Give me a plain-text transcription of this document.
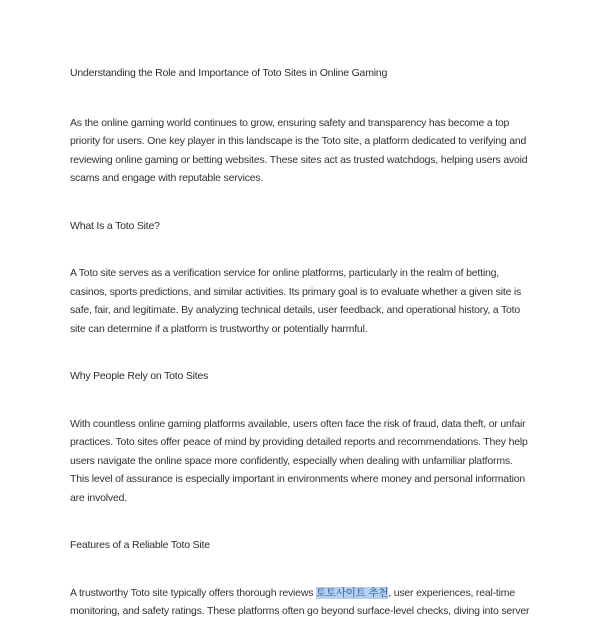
Understanding the Role and Importance of Toto Sites in Online Gaming

As the online gaming world continues to grow, ensuring safety and transparency has become a top priority for users. One key player in this landscape is the Toto site, a platform dedicated to verifying and reviewing online gaming or betting websites. These sites act as trusted watchdogs, helping users avoid scams and engage with reputable services.

What Is a Toto Site?

A Toto site serves as a verification service for online platforms, particularly in the realm of betting, casinos, sports predictions, and similar activities. Its primary goal is to evaluate whether a given site is safe, fair, and legitimate. By analyzing technical details, user feedback, and operational history, a Toto site can determine if a platform is trustworthy or potentially harmful.

Why People Rely on Toto Sites

With countless online gaming platforms available, users often face the risk of fraud, data theft, or unfair practices. Toto sites offer peace of mind by providing detailed reports and recommendations. They help users navigate the online space more confidently, especially when dealing with unfamiliar platforms. This level of assurance is especially important in environments where money and personal information are involved.

Features of a Reliable Toto Site

A trustworthy Toto site typically offers thorough reviews 토토사이트 추천, user experiences, real-time monitoring, and safety ratings. These platforms often go beyond surface-level checks, diving into server
